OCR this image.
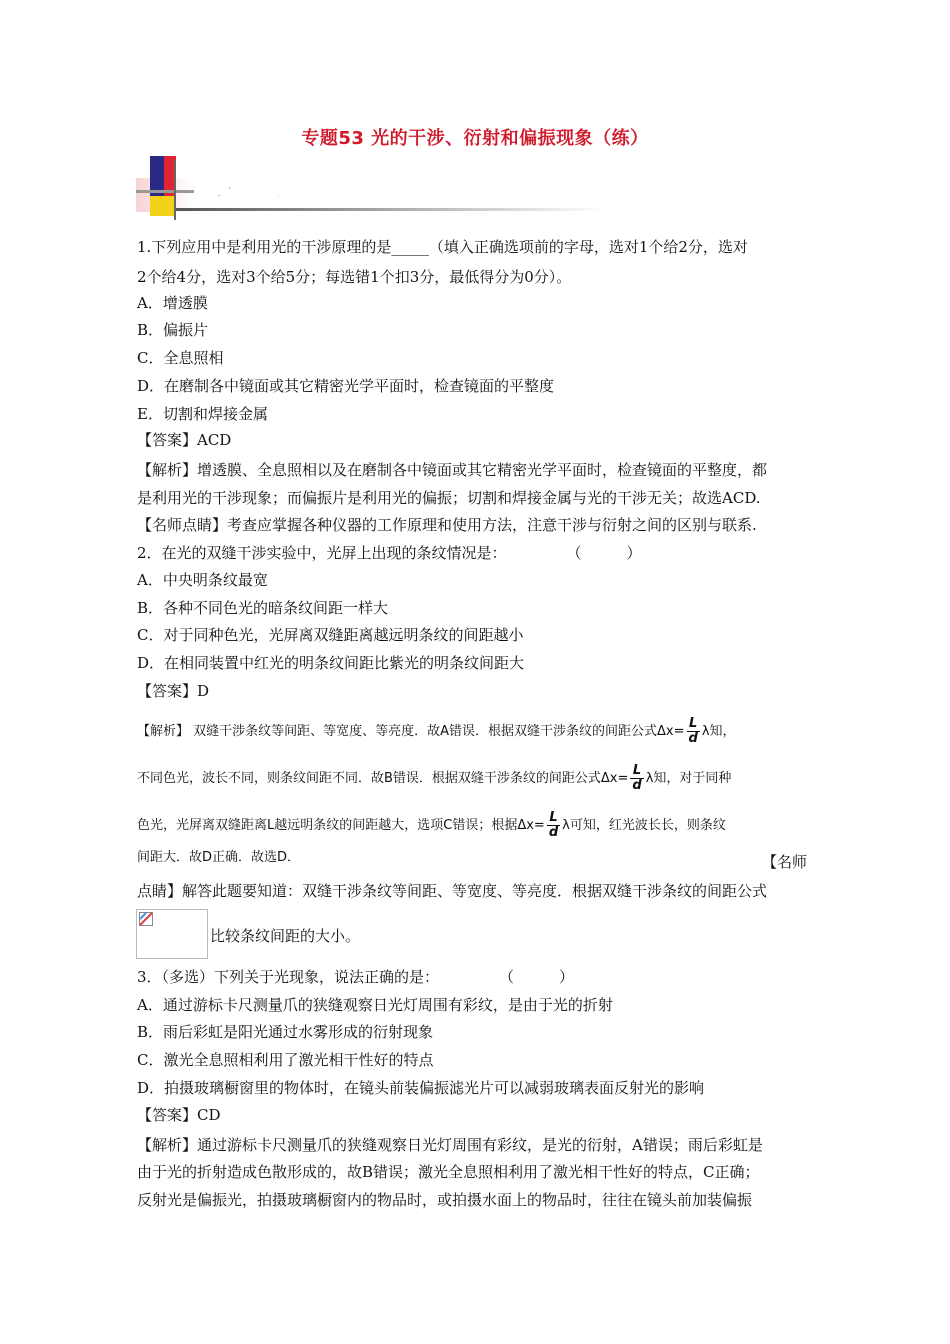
专题53 光的干涉、衍射和偏振现象（练）
基础题
1.下列应用中是利用光的干涉原理的是_____（填入正确选项前的字母，选对1个给2分，选对
2个给4分，选对3个给5分；每选错1个扣3分，最低得分为0分）。
A．增透膜
B．偏振片
C．全息照相
D．在磨制各中镜面或其它精密光学平面时，检查镜面的平整度
E．切割和焊接金属
【答案】ACD
【解析】增透膜、全息照相以及在磨制各中镜面或其它精密光学平面时，检查镜面的平整度，都
是利用光的干涉现象；而偏振片是利用光的偏振；切割和焊接金属与光的干涉无关；故选ACD.
【名师点睛】考查应掌握各种仪器的工作原理和使用方法，注意干涉与衍射之间的区别与联系.
2．在光的双缝干涉实验中，光屏上出现的条纹情况是：　　　　　（　　　）
A．中央明条纹最宽
B．各种不同色光的暗条纹间距一样大
C．对于同种色光，光屏离双缝距离越远明条纹的间距越小
D．在相同装置中红光的明条纹间距比紫光的明条纹间距大
【答案】D
【解析】 双缝干涉条纹等间距、等宽度、等亮度．故A错误．根据双缝干涉条纹的间距公式$\Delta x= \frac{L}{d}$ λ知，
不同色光，波长不同，则条纹间距不同．故B错误．根据双缝干涉条纹的间距公式$\Delta x= \frac{L}{d}$ λ知，对于同种
色光，光屏离双缝距离L越远明条纹的间距越大，选项C错误；根据$\Delta x= \frac{L}{d}$ λ可知，红光波长长，则条纹
间距大．故D正确．故选D．	【名师
点睛】解答此题要知道：双缝干涉条纹等间距、等宽度、等亮度．根据双缝干涉条纹的间距公式
比较条纹间距的大小。
3．（多选）下列关于光现象，说法正确的是：　　　　　（　　　）
A．通过游标卡尺测量爪的狭缝观察日光灯周围有彩纹，是由于光的折射
B．雨后彩虹是阳光通过水雾形成的衍射现象
C．激光全息照相利用了激光相干性好的特点
D．拍摄玻璃橱窗里的物体时，在镜头前装偏振滤光片可以减弱玻璃表面反射光的影响
【答案】CD
【解析】通过游标卡尺测量爪的狭缝观察日光灯周围有彩纹，是光的衍射，A错误；雨后彩虹是
由于光的折射造成色散形成的，故B错误；激光全息照相利用了激光相干性好的特点，C正确；
反射光是偏振光，拍摄玻璃橱窗内的物品时，或拍摄水面上的物品时，往往在镜头前加装偏振
